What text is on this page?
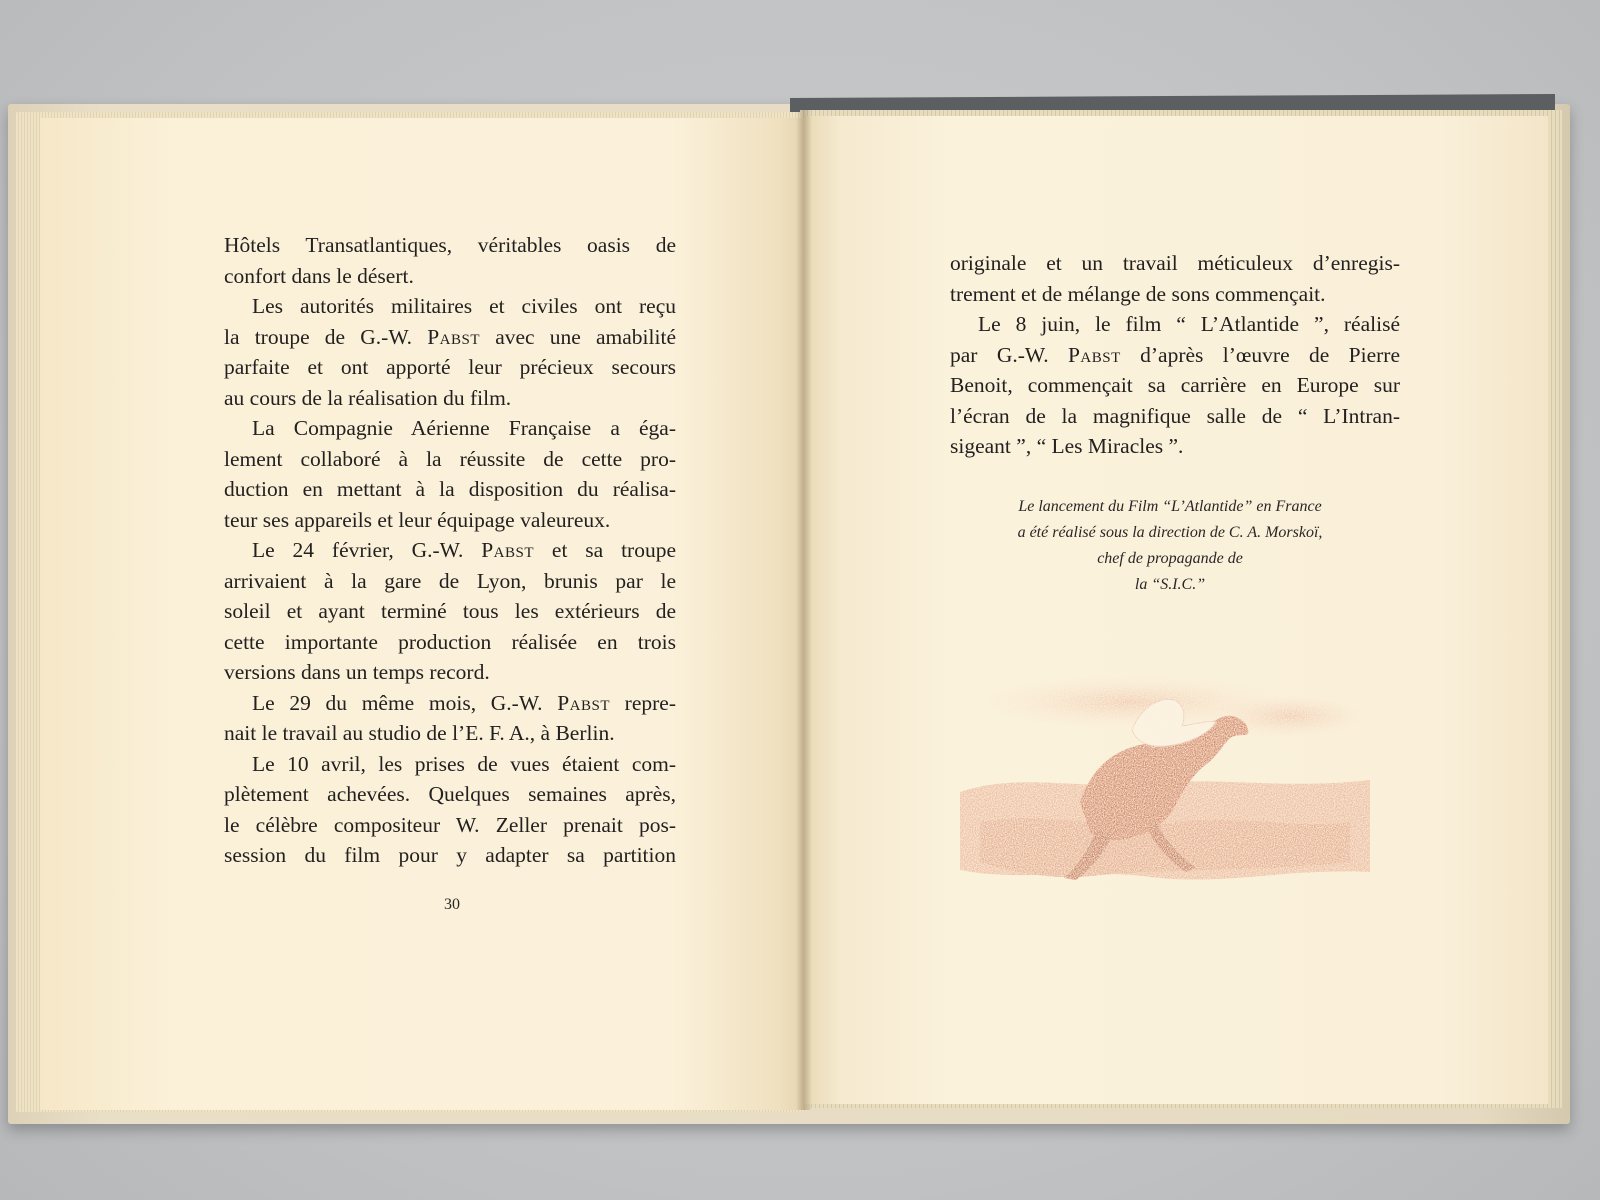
Hôtels Transatlantiques, véritables oasis de

confort dans le désert.

Les autorités militaires et civiles ont reçu

la troupe de G.-W. Pabst avec une amabilité

parfaite et ont apporté leur précieux secours

au cours de la réalisation du film.

La Compagnie Aérienne Française a éga-

lement collaboré à la réussite de cette pro-

duction en mettant à la disposition du réalisa-

teur ses appareils et leur équipage valeureux.

Le 24 février, G.-W. Pabst et sa troupe

arrivaient à la gare de Lyon, brunis par le

soleil et ayant terminé tous les extérieurs de

cette importante production réalisée en trois

versions dans un temps record.

Le 29 du même mois, G.-W. Pabst repre-

nait le travail au studio de l’E. F. A., à Berlin.

Le 10 avril, les prises de vues étaient com-

plètement achevées. Quelques semaines après,

le célèbre compositeur W. Zeller prenait pos-

session du film pour y adapter sa partition

30

originale et un travail méticuleux d’enregis-

trement et de mélange de sons commençait.

Le 8 juin, le film “ L’Atlantide ”, réalisé

par G.-W. Pabst d’après l’œuvre de Pierre

Benoit, commençait sa carrière en Europe sur

l’écran de la magnifique salle de “ L’Intran-

sigeant ”, “ Les Miracles ”.

Le lancement du Film “L’Atlantide” en France
a été réalisé sous la direction de C. A. Morskoï,
chef de propagande de
la “S.I.C.”
